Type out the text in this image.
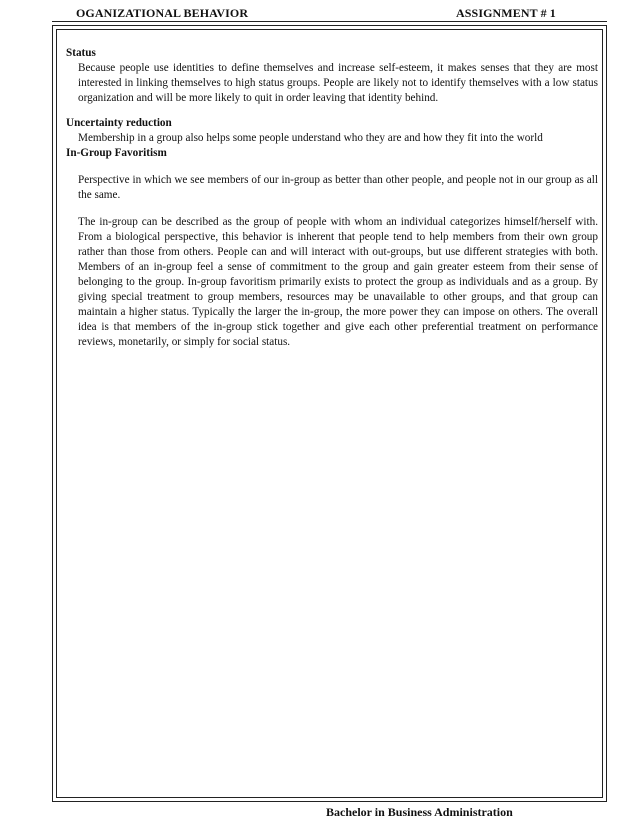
OGANIZATIONAL BEHAVIOR	ASSIGNMENT # 1
Status
Because people use identities to define themselves and increase self-esteem, it makes senses that they are most interested in linking themselves to high status groups. People are likely not to identify themselves with a low status organization and will be more likely to quit in order leaving that identity behind.
Uncertainty reduction
Membership in a group also helps some people understand who they are and how they fit into the world
In-Group Favoritism
Perspective in which we see members of our in-group as better than other people, and people not in our group as all the same.
The in-group can be described as the group of people with whom an individual categorizes himself/herself with. From a biological perspective, this behavior is inherent that people tend to help members from their own group rather than those from others. People can and will interact with out-groups, but use different strategies with both. Members of an in-group feel a sense of commitment to the group and gain greater esteem from their sense of belonging to the group. In-group favoritism primarily exists to protect the group as individuals and as a group. By giving special treatment to group members, resources may be unavailable to other groups, and that group can maintain a higher status. Typically the larger the in-group, the more power they can impose on others. The overall idea is that members of the in-group stick together and give each other preferential treatment on performance reviews, monetarily, or simply for social status.
Bachelor in Business Administration
